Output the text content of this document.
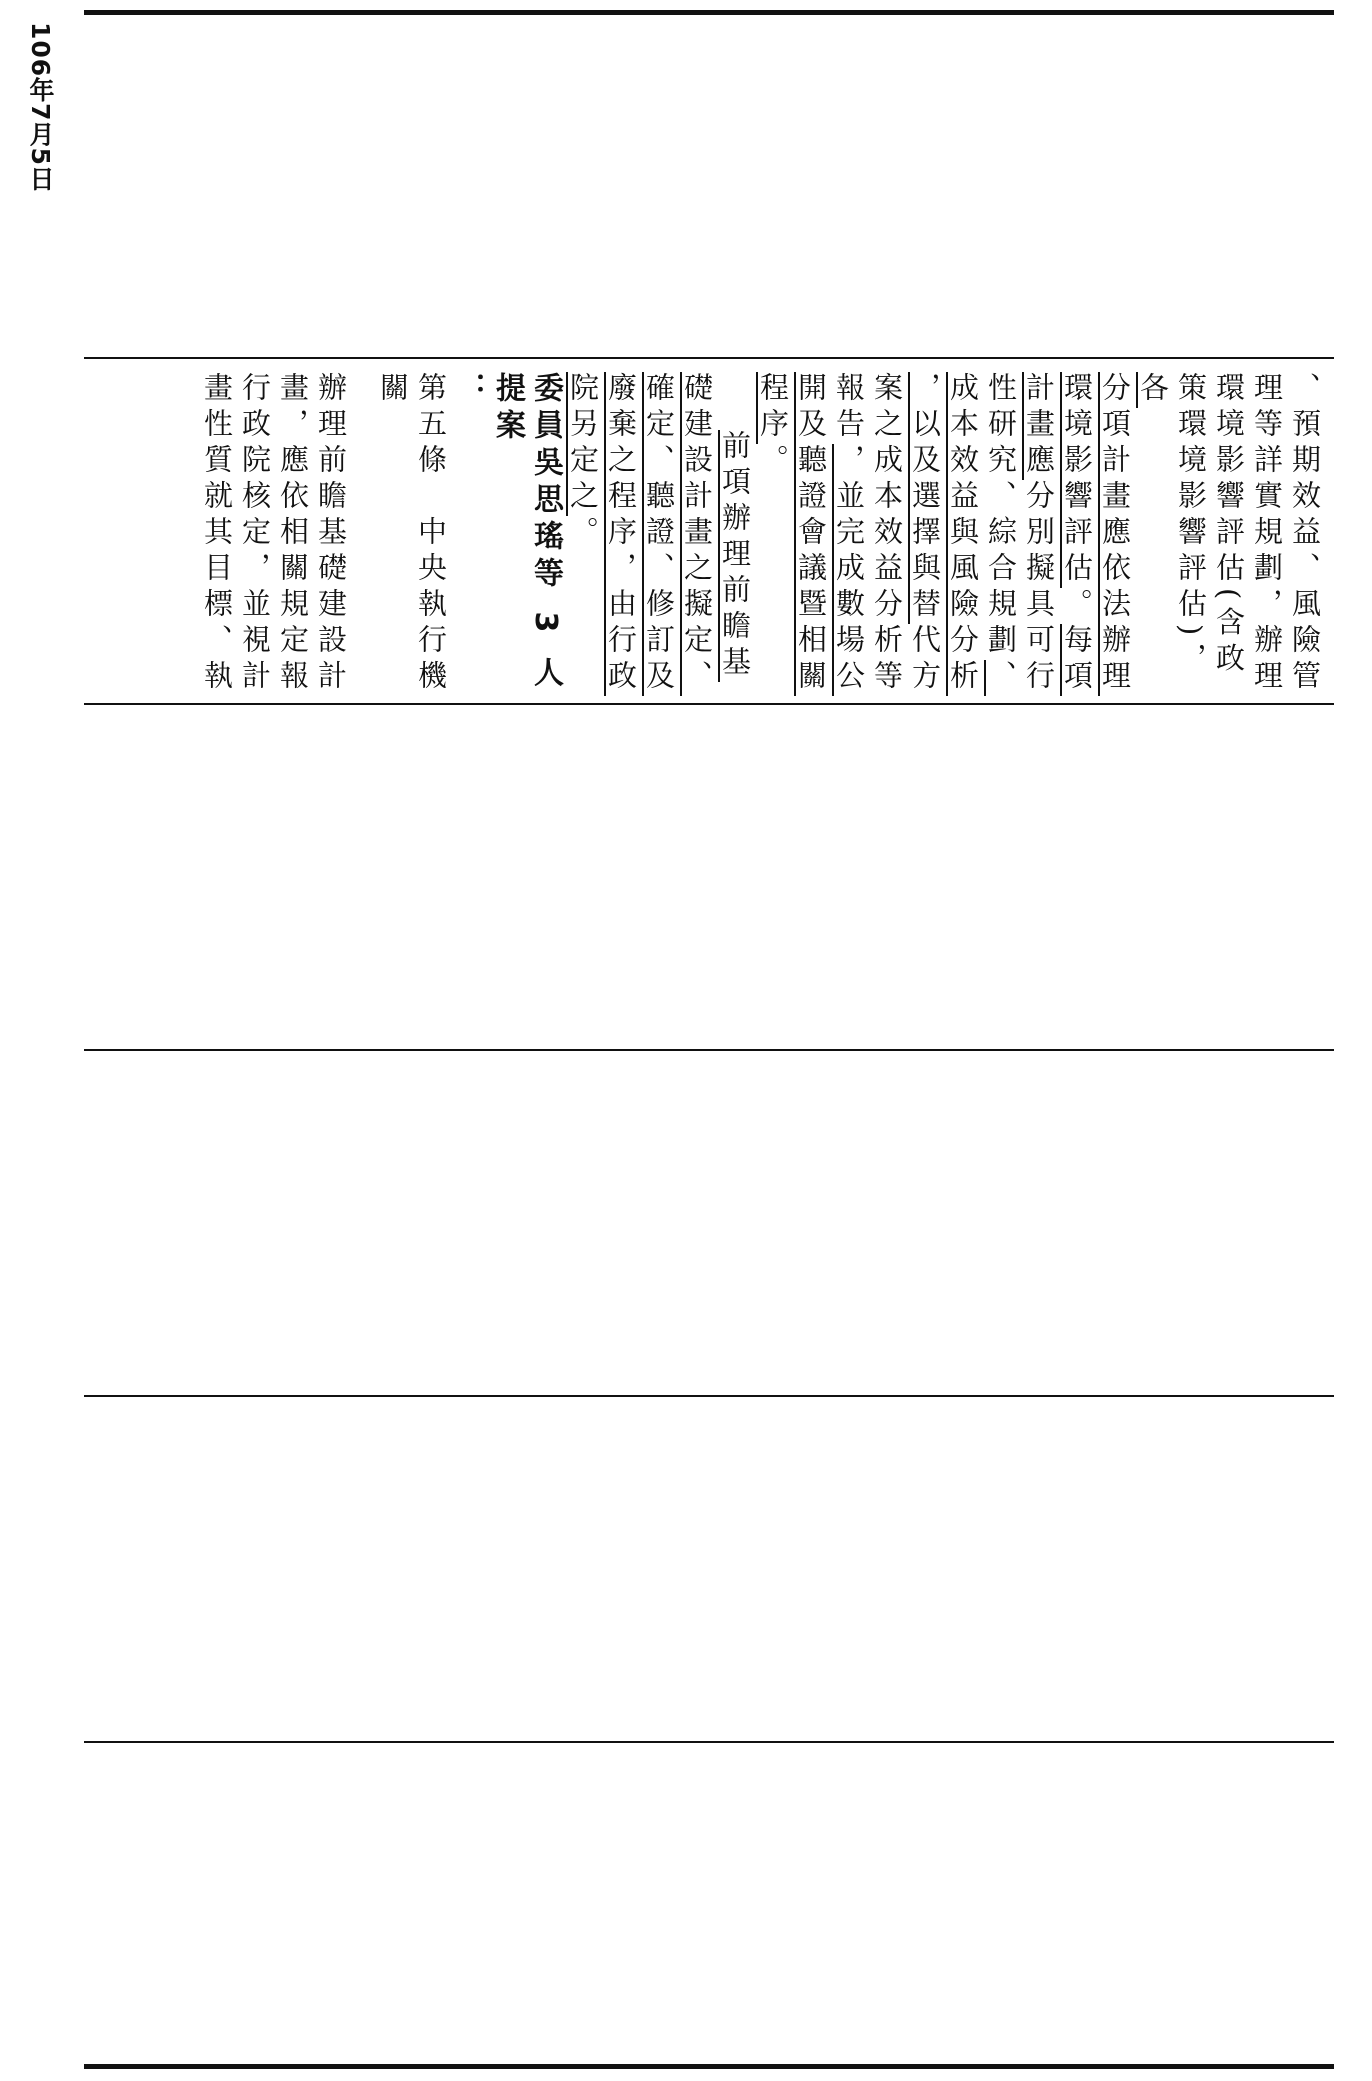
106年7月5日

、預期效益、風險管

理等詳實規劃，辦理

環境影響評估(含政

策環境影響評估)，各

分項計畫應依法辦理

環境影響評估。每項

計畫應分別擬具可行

性研究、綜合規劃、

成本效益與風險分析

，以及選擇與替代方

案之成本效益分析等

報告，並完成數場公

開及聽證會議暨相關

程序。

前項辦理前瞻基

礎建設計畫之擬定、

確定、聽證、修訂及

廢棄之程序，由行政

院另定之。

委員吳思瑤等 3 人提案

：

第五條　中央執行機關

辦理前瞻基礎建設計

畫，應依相關規定報

行政院核定，並視計

畫性質就其目標、執
